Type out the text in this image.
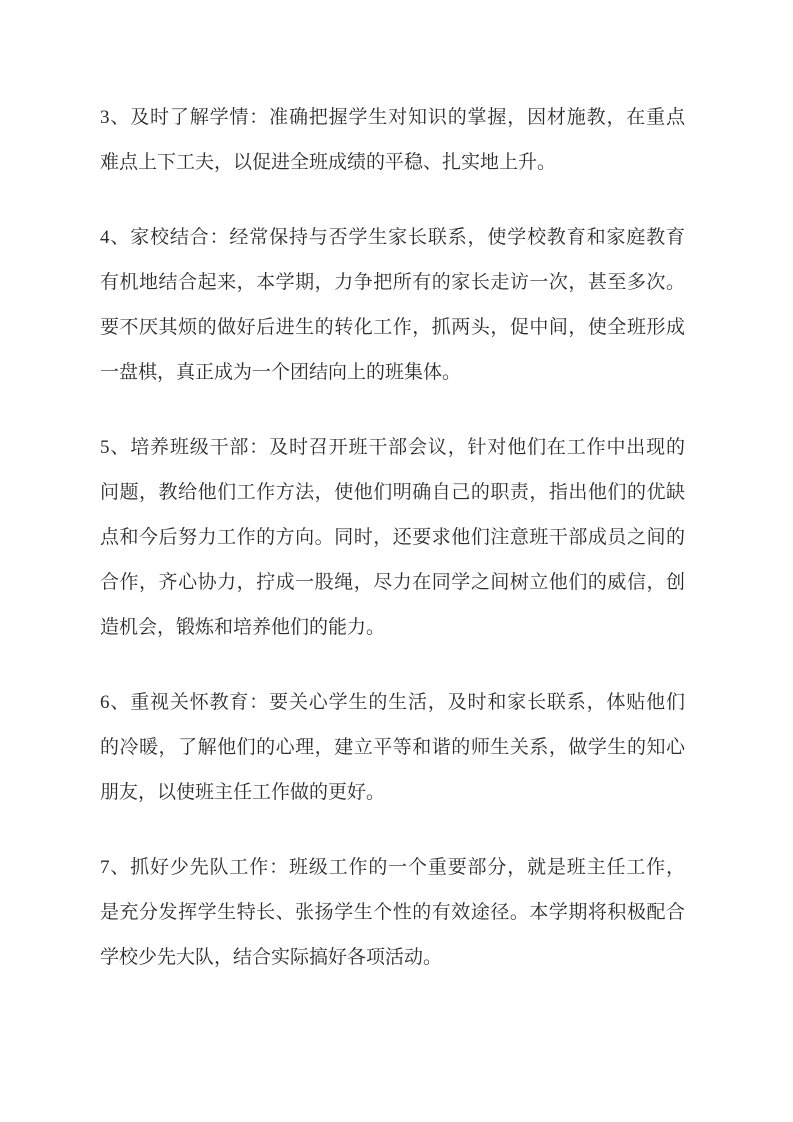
3、及时了解学情：准确把握学生对知识的掌握，因材施教，在重点
难点上下工夫，以促进全班成绩的平稳、扎实地上升。

4、家校结合：经常保持与否学生家长联系，使学校教育和家庭教育
有机地结合起来，本学期，力争把所有的家长走访一次，甚至多次。
要不厌其烦的做好后进生的转化工作，抓两头，促中间，使全班形成
一盘棋，真正成为一个团结向上的班集体。

5、培养班级干部：及时召开班干部会议，针对他们在工作中出现的
问题，教给他们工作方法，使他们明确自己的职责，指出他们的优缺
点和今后努力工作的方向。同时，还要求他们注意班干部成员之间的
合作，齐心协力，拧成一股绳，尽力在同学之间树立他们的威信，创
造机会，锻炼和培养他们的能力。

6、重视关怀教育：要关心学生的生活，及时和家长联系，体贴他们
的冷暖，了解他们的心理，建立平等和谐的师生关系，做学生的知心
朋友，以使班主任工作做的更好。

7、抓好少先队工作：班级工作的一个重要部分，就是班主任工作，
是充分发挥学生特长、张扬学生个性的有效途径。本学期将积极配合
学校少先大队，结合实际搞好各项活动。
